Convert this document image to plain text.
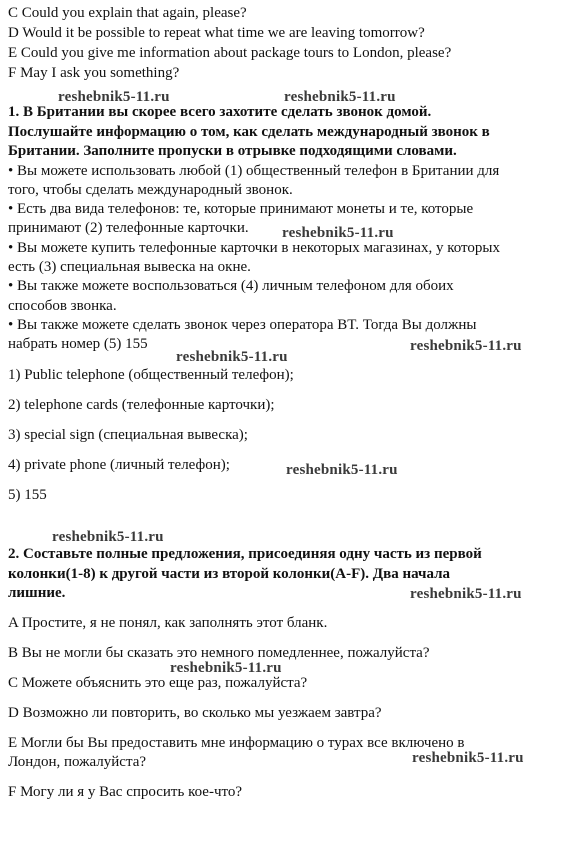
C Could you explain that again, please?
D Would it be possible to repeat what time we are leaving tomorrow?
E Could you give me information about package tours to London, please?
F May I ask you something?
reshebnik5-11.ru	reshebnik5-11.ru
1. В Британии вы скорее всего захотите сделать звонок домой.
Послушайте информацию о том, как сделать международный звонок в
Британии. Заполните пропуски в отрывке подходящими словами.
• Вы можете использовать любой (1) общественный телефон в Британии для
того, чтобы сделать международный звонок.
• Есть два вида телефонов: те, которые принимают монеты и те, которые
принимают (2) телефонные карточки.	reshebnik5-11.ru
• Вы можете купить телефонные карточки в некоторых магазинах, у которых
есть (3) специальная вывеска на окне.
• Вы также можете воспользоваться (4) личным телефоном для обоих
способов звонка.
• Вы также можете сделать звонок через оператора BT. Тогда Вы должны
набрать номер (5) 155	reshebnik5-11.ru
reshebnik5-11.ru
1) Public telephone (общественный телефон);
2) telephone cards (телефонные карточки);
3) special sign (специальная вывеска);
4) private phone (личный телефон);	reshebnik5-11.ru
5) 155
reshebnik5-11.ru
2. Составьте полные предложения, присоединяя одну часть из первой
колонки(1-8) к другой части из второй колонки(A-F). Два начала
лишние.	reshebnik5-11.ru
A Простите, я не понял, как заполнять этот бланк.
B Вы не могли бы сказать это немного помедленнее, пожалуйста?
reshebnik5-11.ru
C Можете объяснить это еще раз, пожалуйста?
D Возможно ли повторить, во сколько мы уезжаем завтра?
E Могли бы Вы предоставить мне информацию о турах все включено в
reshebnik5-11.ru
Лондон, пожалуйста?
F Могу ли я у Вас спросить кое-что?
